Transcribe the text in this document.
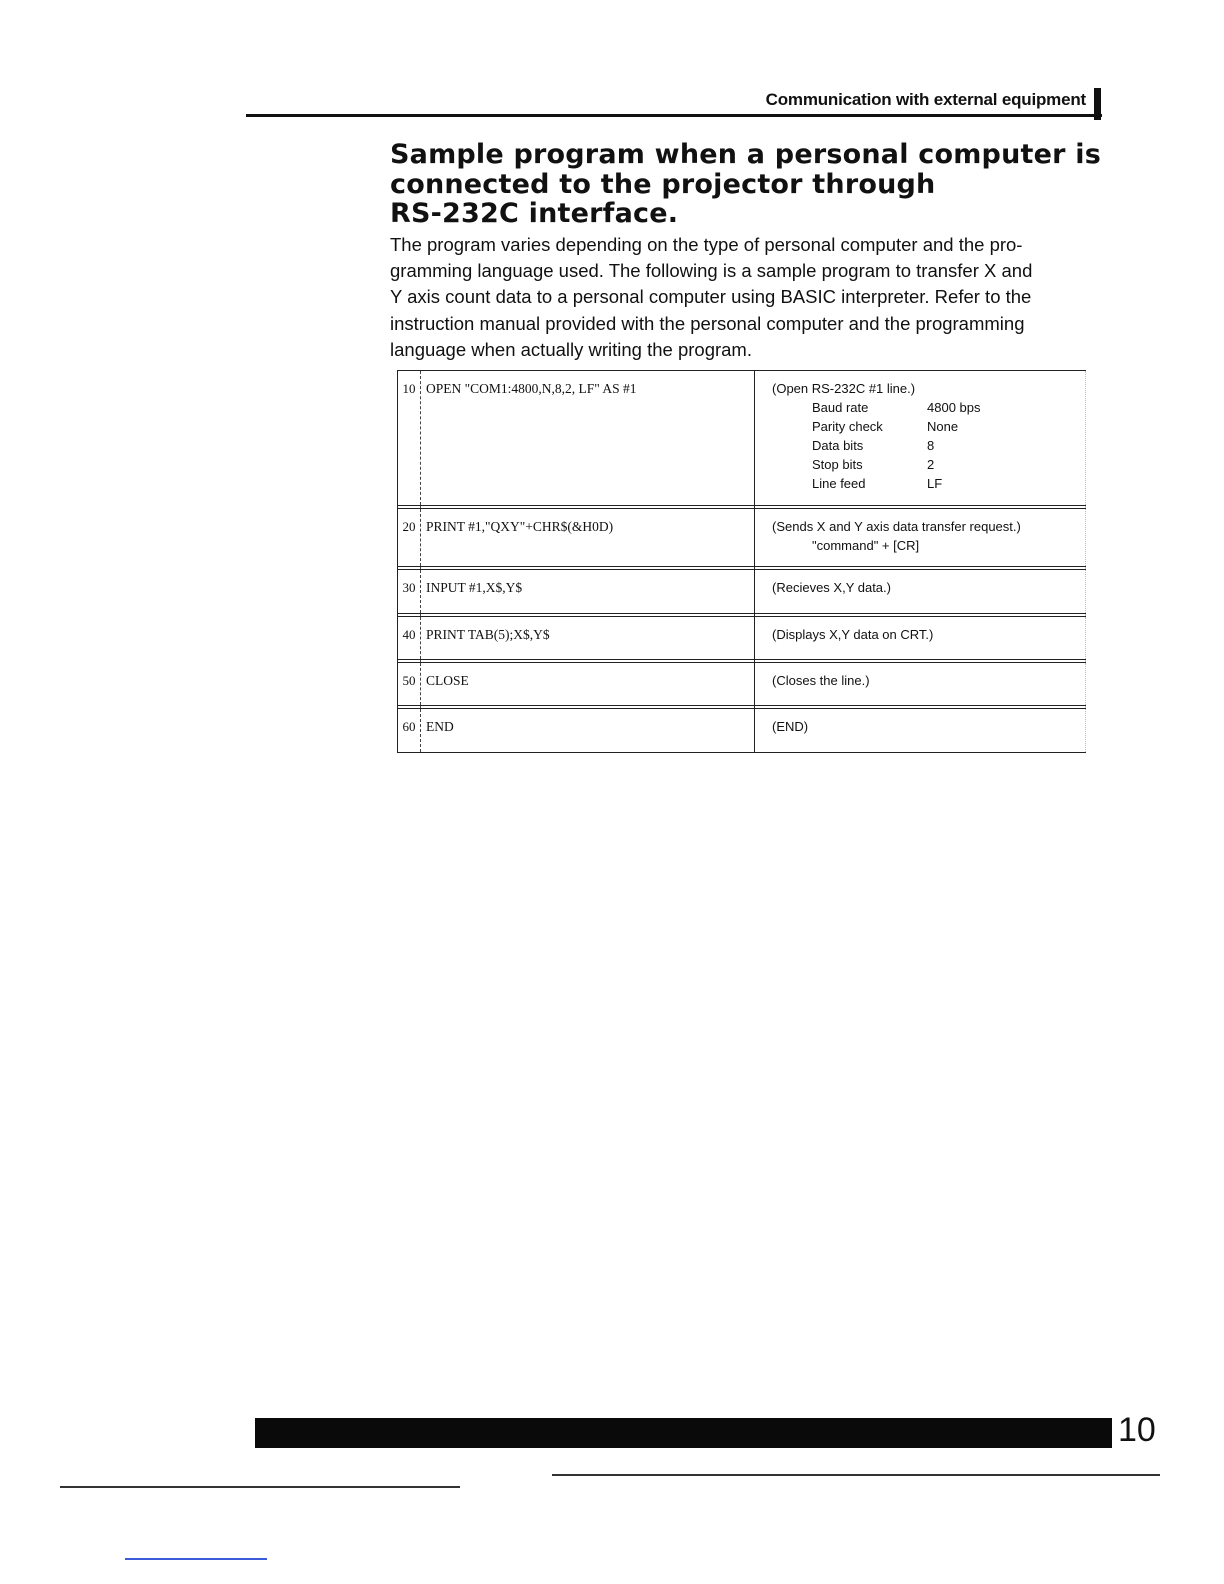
Communication with external equipment
Sample program when a personal computer is
connected to the projector through
RS-232C interface.

The program varies depending on the type of personal computer and the pro-
gramming language used. The following is a sample program to transfer X and
Y axis count data to a personal computer using BASIC interpreter. Refer to the
instruction manual provided with the personal computer and the programming
language when actually writing the program.

10	OPEN "COM1:4800,N,8,2, LF" AS #1	(Open RS-232C #1 line.)
Baud rate	4800 bps
Parity check	None
Data bits	8
Stop bits	2
Line feed	LF

20	PRINT #1,"QXY"+CHR$(&H0D)	(Sends X and Y axis data transfer request.)
"command" + [CR]

30	INPUT #1,X$,Y$	(Recieves X,Y data.)

40	PRINT TAB(5);X$,Y$	(Displays X,Y data on CRT.)

50	CLOSE	(Closes the line.)

60	END	(END)
10
